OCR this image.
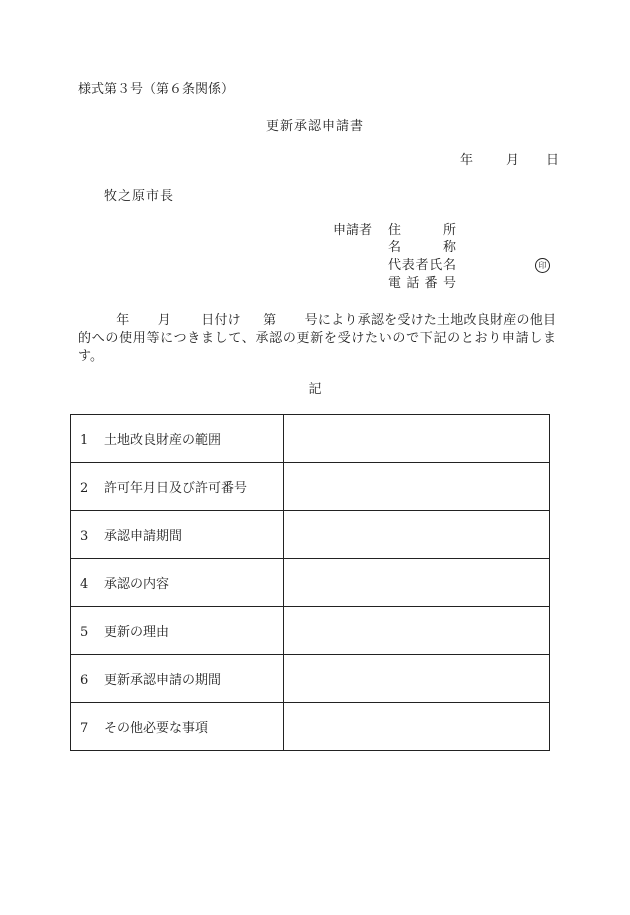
様式第３号（第６条関係）
更新承認申請書
年	月 日
牧之原市長
申請者 住所
名称
代表者氏名
電話番号
印
年 月 日付け 第 号により承認を受けた土地改良財産の他目的への使用等につきまして、承認の更新を受けたいので下記のとおり申請します。
記
1 土地改良財産の範囲	
2 許可年月日及び許可番号	
3 承認申請期間	
4 承認の内容	
5 更新の理由	
6 更新承認申請の期間	
7 その他必要な事項	
